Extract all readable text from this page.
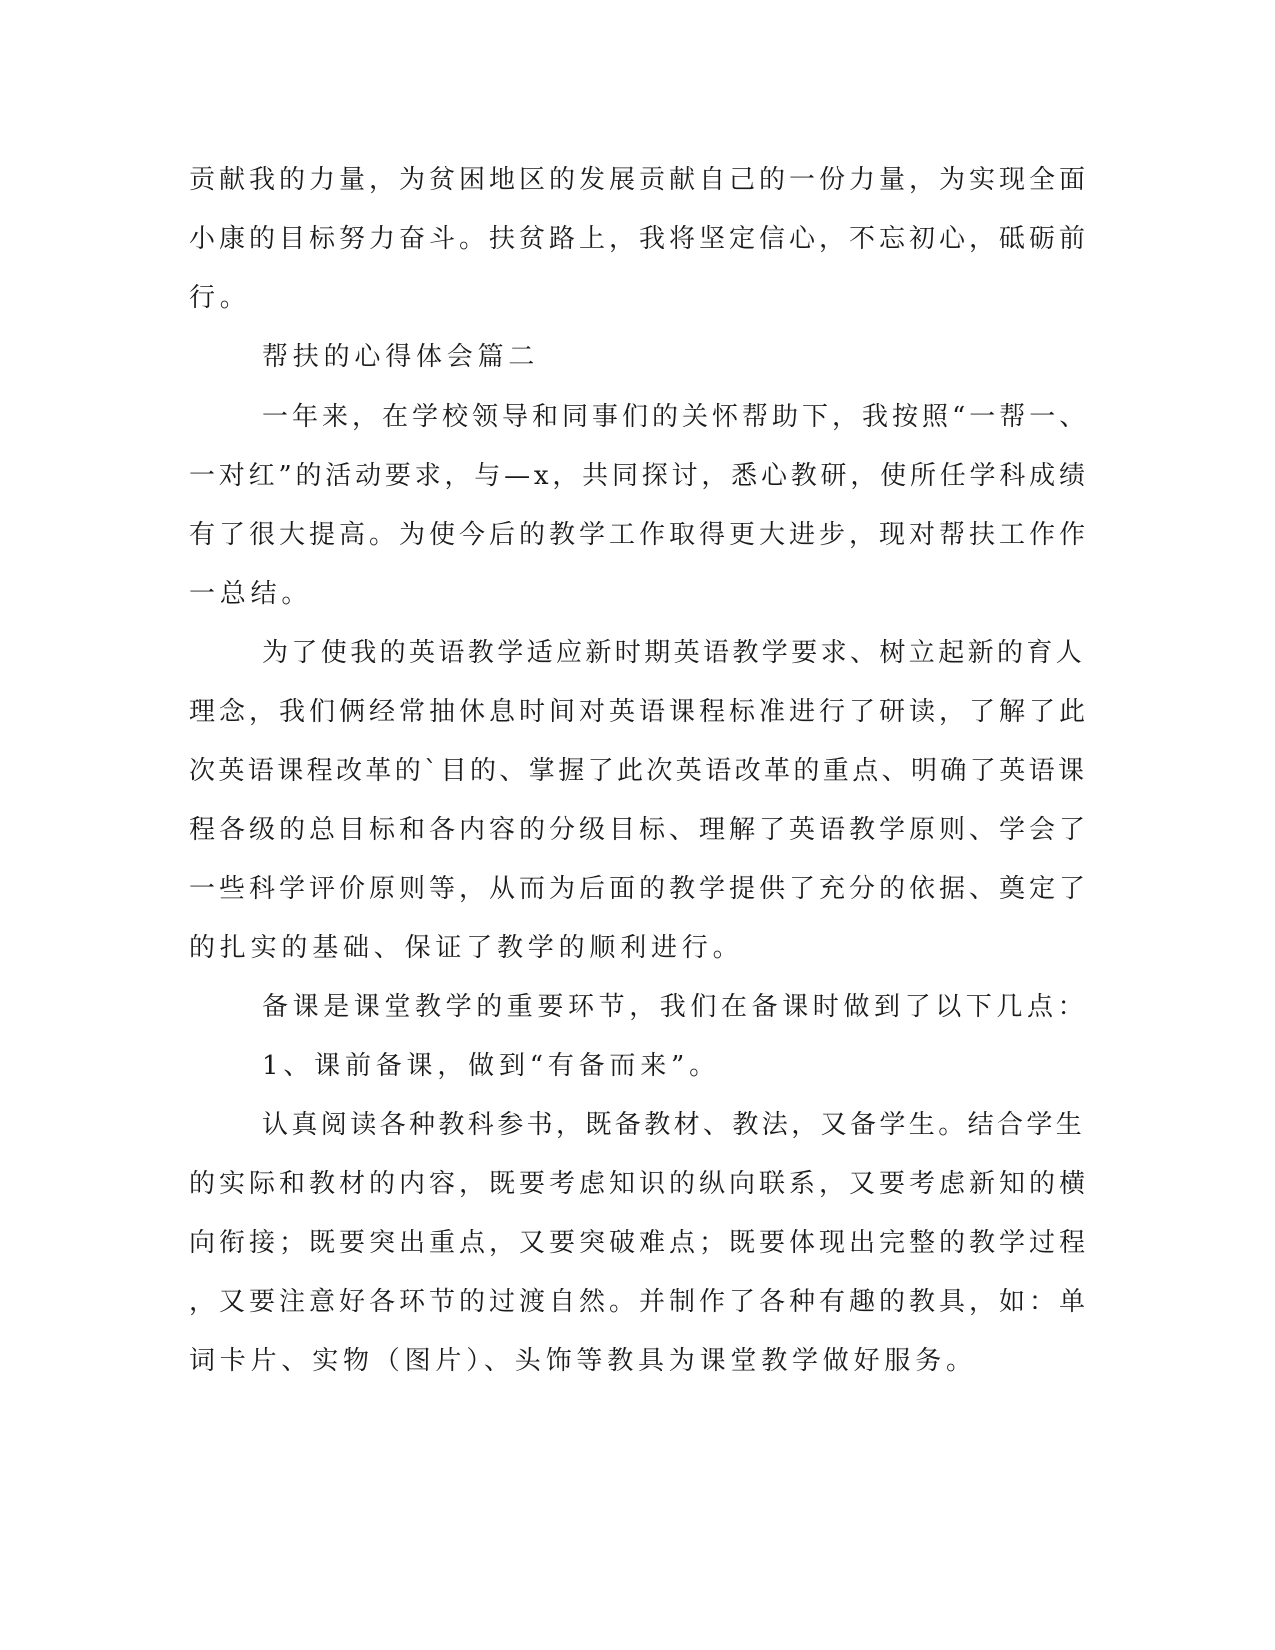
贡献我的力量，为贫困地区的发展贡献自己的一份力量，为实现全面
小康的目标努力奋斗。扶贫路上，我将坚定信心，不忘初心，砥砺前
行。
帮扶的心得体会篇二
一年来，在学校领导和同事们的关怀帮助下，我按照“一帮一、
一对红”的活动要求，与—x，共同探讨，悉心教研，使所任学科成绩
有了很大提高。为使今后的教学工作取得更大进步，现对帮扶工作作
一总结。
为了使我的英语教学适应新时期英语教学要求、树立起新的育人
理念，我们俩经常抽休息时间对英语课程标准进行了研读，了解了此
次英语课程改革的`目的、掌握了此次英语改革的重点、明确了英语课
程各级的总目标和各内容的分级目标、理解了英语教学原则、学会了
一些科学评价原则等，从而为后面的教学提供了充分的依据、奠定了
的扎实的基础、保证了教学的顺利进行。
备课是课堂教学的重要环节，我们在备课时做到了以下几点：
1、课前备课，做到“有备而来”。
认真阅读各种教科参书，既备教材、教法，又备学生。结合学生
的实际和教材的内容，既要考虑知识的纵向联系，又要考虑新知的横
向衔接；既要突出重点，又要突破难点；既要体现出完整的教学过程
，又要注意好各环节的过渡自然。并制作了各种有趣的教具，如：单
词卡片、实物（图片）、头饰等教具为课堂教学做好服务。
